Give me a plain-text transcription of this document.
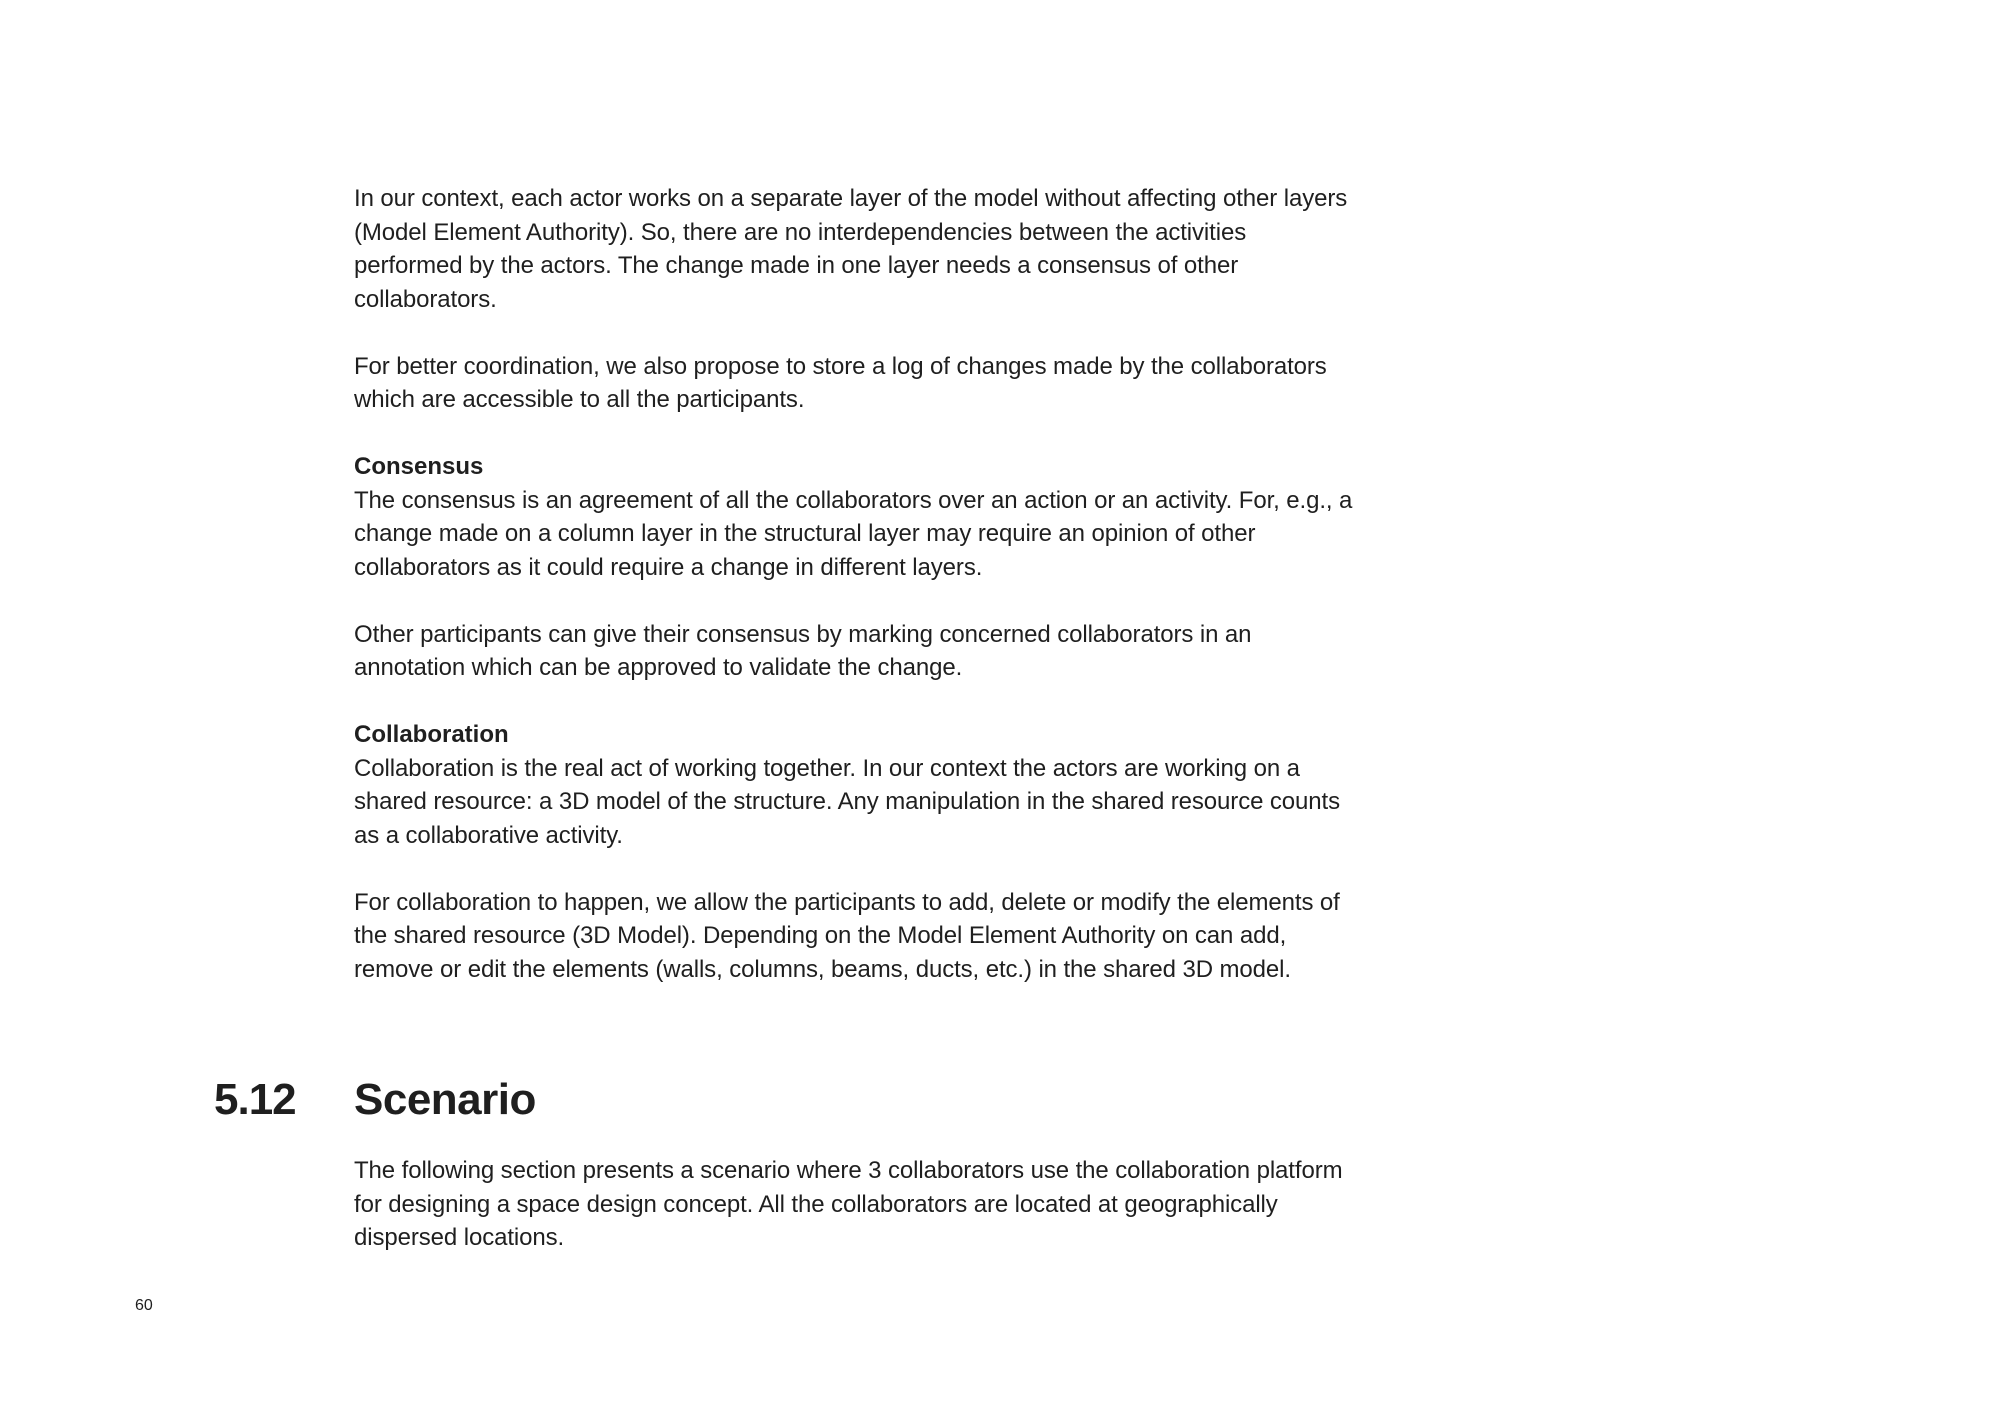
In our context, each actor works on a separate layer of the model without affecting other layers (Model Element Authority). So, there are no interdependencies between the activities performed by the actors. The change made in one layer needs a consensus of other collaborators.

For better coordination, we also propose to store a log of changes made by the collaborators which are accessible to all the participants.

Consensus

The consensus is an agreement of all the collaborators over an action or an activity. For, e.g., a change made on a column layer in the structural layer may require an opinion of other collaborators as it could require a change in different layers.

Other participants can give their consensus by marking concerned collaborators in an annotation which can be approved to validate the change.

Collaboration

Collaboration is the real act of working together. In our context the actors are working on a shared resource: a 3D model of the structure. Any manipulation in the shared resource counts as a collaborative activity.

For collaboration to happen, we allow the participants to add, delete or modify the elements of the shared resource (3D Model). Depending on the Model Element Authority on can add, remove or edit the elements (walls, columns, beams, ducts, etc.) in the shared 3D model.

5.12 Scenario

The following section presents a scenario where 3 collaborators use the collaboration platform for designing a space design concept. All the collaborators are located at geographically dispersed locations.

60
